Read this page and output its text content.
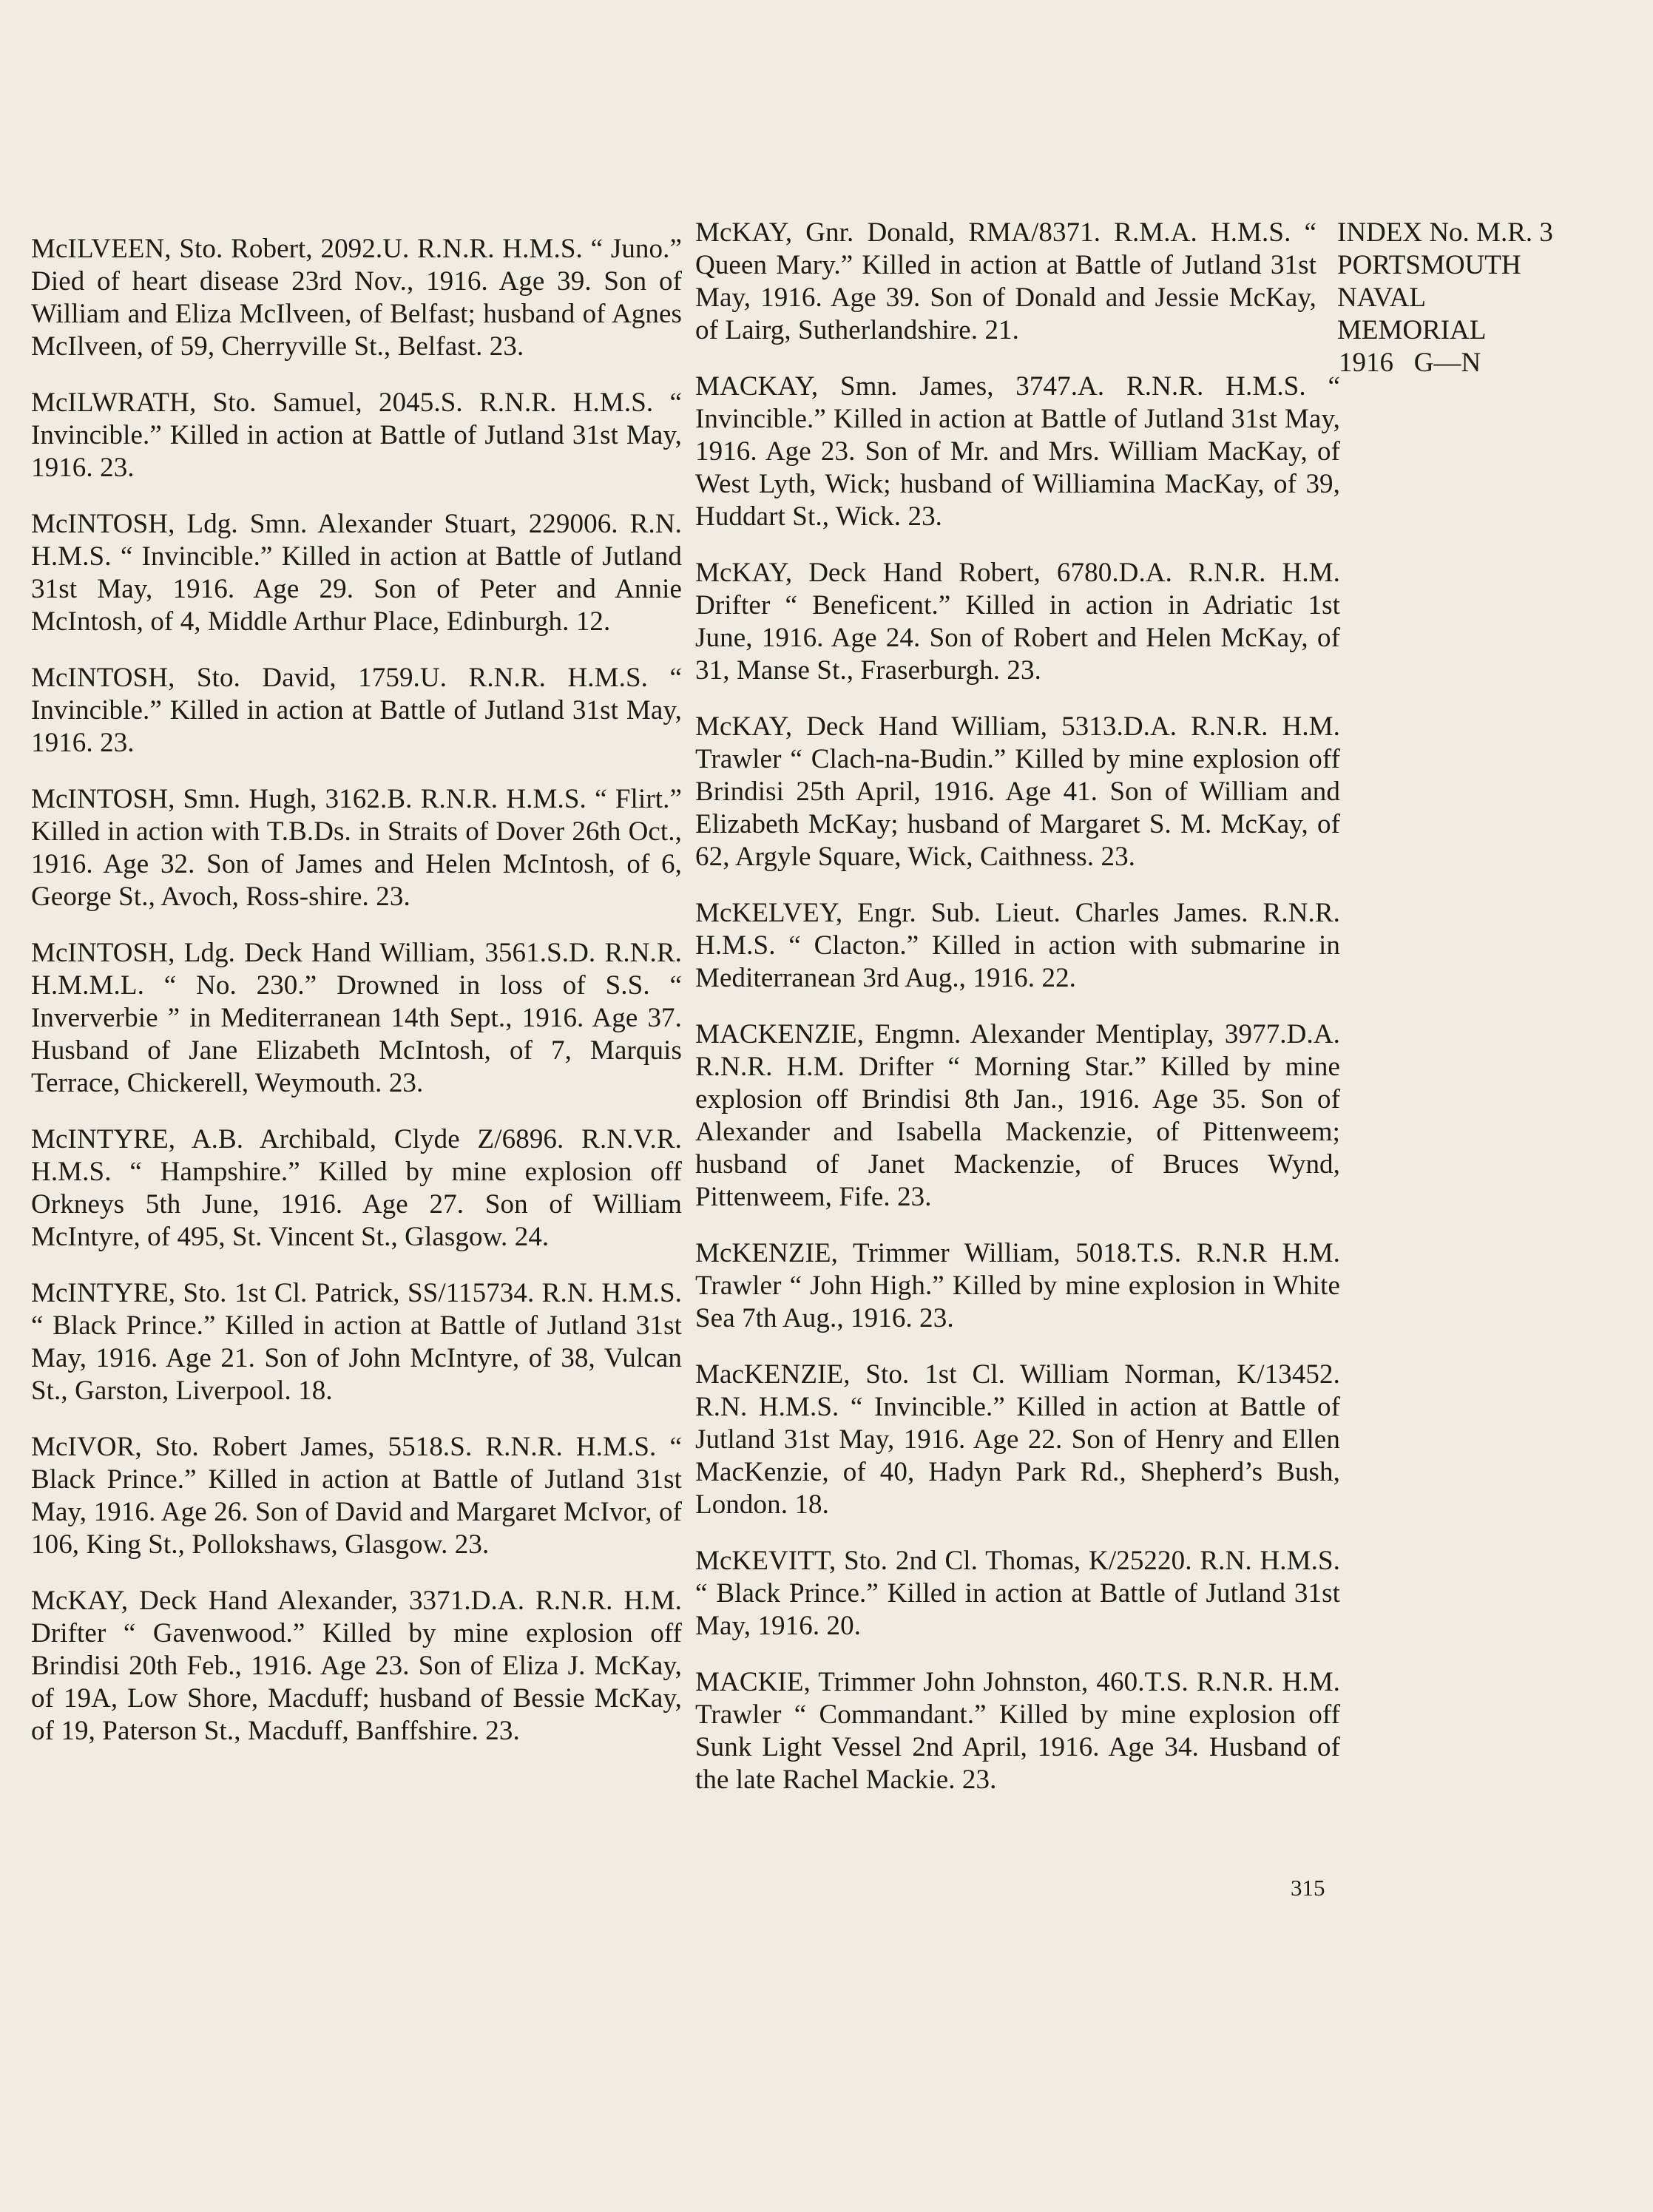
McILVEEN, Sto. Robert, 2092.U. R.N.R. H.M.S. “ Juno.” Died of heart disease 23rd Nov., 1916. Age 39. Son of William and Eliza McIlveen, of Belfast; husband of Agnes McIlveen, of 59, Cherryville St., Belfast. 23.

McILWRATH, Sto. Samuel, 2045.S. R.N.R. H.M.S. “ Invincible.” Killed in action at Battle of Jutland 31st May, 1916. 23.

McINTOSH, Ldg. Smn. Alexander Stuart, 229006. R.N. H.M.S. “ Invincible.” Killed in action at Battle of Jutland 31st May, 1916. Age 29. Son of Peter and Annie McIntosh, of 4, Middle Arthur Place, Edinburgh. 12.

McINTOSH, Sto. David, 1759.U. R.N.R. H.M.S. “ Invincible.” Killed in action at Battle of Jutland 31st May, 1916. 23.

McINTOSH, Smn. Hugh, 3162.B. R.N.R. H.M.S. “ Flirt.” Killed in action with T.B.Ds. in Straits of Dover 26th Oct., 1916. Age 32. Son of James and Helen McIntosh, of 6, George St., Avoch, Ross-shire. 23.

McINTOSH, Ldg. Deck Hand William, 3561.S.D. R.N.R. H.M.M.L. “ No. 230.” Drowned in loss of S.S. “ Inververbie ” in Mediterranean 14th Sept., 1916. Age 37. Husband of Jane Elizabeth McIntosh, of 7, Marquis Terrace, Chickerell, Weymouth. 23.

McINTYRE, A.B. Archibald, Clyde Z/6896. R.N.V.R. H.M.S. “ Hampshire.” Killed by mine explosion off Orkneys 5th June, 1916. Age 27. Son of William McIntyre, of 495, St. Vincent St., Glasgow. 24.

McINTYRE, Sto. 1st Cl. Patrick, SS/115734. R.N. H.M.S. “ Black Prince.” Killed in action at Battle of Jutland 31st May, 1916. Age 21. Son of John McIntyre, of 38, Vulcan St., Garston, Liverpool. 18.

McIVOR, Sto. Robert James, 5518.S. R.N.R. H.M.S. “ Black Prince.” Killed in action at Battle of Jutland 31st May, 1916. Age 26. Son of David and Margaret McIvor, of 106, King St., Pollokshaws, Glasgow. 23.

McKAY, Deck Hand Alexander, 3371.D.A. R.N.R. H.M. Drifter “ Gavenwood.” Killed by mine explosion off Brindisi 20th Feb., 1916. Age 23. Son of Eliza J. McKay, of 19A, Low Shore, Macduff; husband of Bessie McKay, of 19, Paterson St., Macduff, Banffshire. 23.

McKAY, Gnr. Donald, RMA/8371. R.M.A. H.M.S. “ Queen Mary.” Killed in action at Battle of Jutland 31st May, 1916. Age 39. Son of Donald and Jessie McKay, of Lairg, Sutherlandshire. 21.

MACKAY, Smn. James, 3747.A. R.N.R. H.M.S. “ Invincible.” Killed in action at Battle of Jutland 31st May, 1916. Age 23. Son of Mr. and Mrs. William MacKay, of West Lyth, Wick; husband of Williamina MacKay, of 39, Huddart St., Wick. 23.

McKAY, Deck Hand Robert, 6780.D.A. R.N.R. H.M. Drifter “ Beneficent.” Killed in action in Adriatic 1st June, 1916. Age 24. Son of Robert and Helen McKay, of 31, Manse St., Fraserburgh. 23.

McKAY, Deck Hand William, 5313.D.A. R.N.R. H.M. Trawler “ Clach-na-Budin.” Killed by mine explosion off Brindisi 25th April, 1916. Age 41. Son of William and Elizabeth McKay; husband of Margaret S. M. McKay, of 62, Argyle Square, Wick, Caithness. 23.

McKELVEY, Engr. Sub. Lieut. Charles James. R.N.R. H.M.S. “ Clacton.” Killed in action with submarine in Mediterranean 3rd Aug., 1916. 22.

MACKENZIE, Engmn. Alexander Mentiplay, 3977.D.A. R.N.R. H.M. Drifter “ Morning Star.” Killed by mine explosion off Brindisi 8th Jan., 1916. Age 35. Son of Alexander and Isabella Mackenzie, of Pittenweem; husband of Janet Mackenzie, of Bruces Wynd, Pittenweem, Fife. 23.

McKENZIE, Trimmer William, 5018.T.S. R.N.R H.M. Trawler “ John High.” Killed by mine explosion in White Sea 7th Aug., 1916. 23.

MacKENZIE, Sto. 1st Cl. William Norman, K/13452. R.N. H.M.S. “ Invincible.” Killed in action at Battle of Jutland 31st May, 1916. Age 22. Son of Henry and Ellen MacKenzie, of 40, Hadyn Park Rd., Shepherd’s Bush, London. 18.

McKEVITT, Sto. 2nd Cl. Thomas, K/25220. R.N. H.M.S. “ Black Prince.” Killed in action at Battle of Jutland 31st May, 1916. 20.

MACKIE, Trimmer John Johnston, 460.T.S. R.N.R. H.M. Trawler “ Commandant.” Killed by mine explosion off Sunk Light Vessel 2nd April, 1916. Age 34. Husband of the late Rachel Mackie. 23.

INDEX No. M.R. 3
PORTSMOUTH
NAVAL
MEMORIAL
1916   G—N
315
